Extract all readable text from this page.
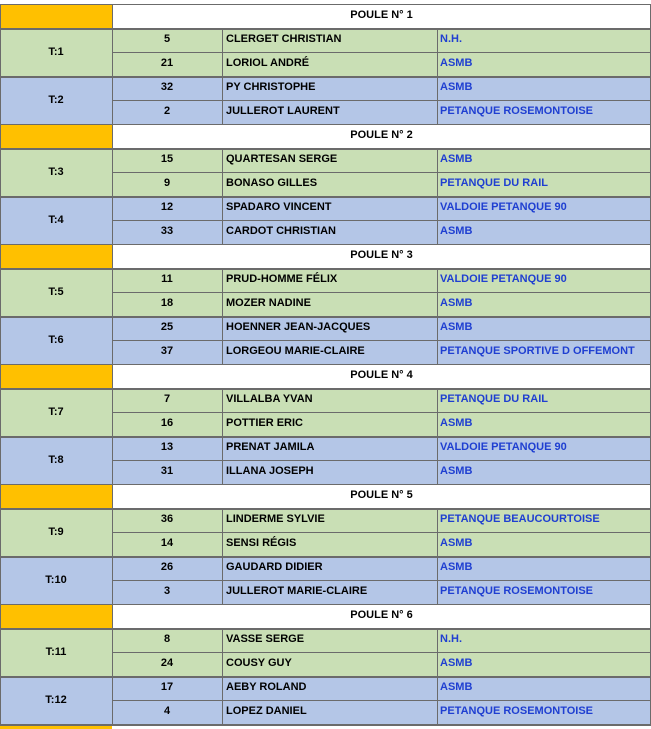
POULE N° 1
T:1
5	CLERGET CHRISTIAN	N.H.
21	LORIOL ANDRÉ	ASMB
T:2
32	PY CHRISTOPHE	ASMB
2	JULLEROT LAURENT	PETANQUE ROSEMONTOISE
POULE N° 2
T:3
15	QUARTESAN SERGE	ASMB
9	BONASO GILLES	PETANQUE DU RAIL
T:4
12	SPADARO VINCENT	VALDOIE PETANQUE 90
33	CARDOT CHRISTIAN	ASMB
POULE N° 3
T:5
11	PRUD-HOMME FÉLIX	VALDOIE PETANQUE 90
18	MOZER NADINE	ASMB
T:6
25	HOENNER JEAN-JACQUES	ASMB
37	LORGEOU MARIE-CLAIRE	PETANQUE SPORTIVE D OFFEMONT
POULE N° 4
T:7
7	VILLALBA YVAN	PETANQUE DU RAIL
16	POTTIER ERIC	ASMB
T:8
13	PRENAT JAMILA	VALDOIE PETANQUE 90
31	ILLANA JOSEPH	ASMB
POULE N° 5
T:9
36	LINDERME SYLVIE	PETANQUE BEAUCOURTOISE
14	SENSI RÉGIS	ASMB
T:10
26	GAUDARD DIDIER	ASMB
3	JULLEROT MARIE-CLAIRE	PETANQUE ROSEMONTOISE
POULE N° 6
T:11
8	VASSE SERGE	N.H.
24	COUSY GUY	ASMB
T:12
17	AEBY ROLAND	ASMB
4	LOPEZ DANIEL	PETANQUE ROSEMONTOISE
